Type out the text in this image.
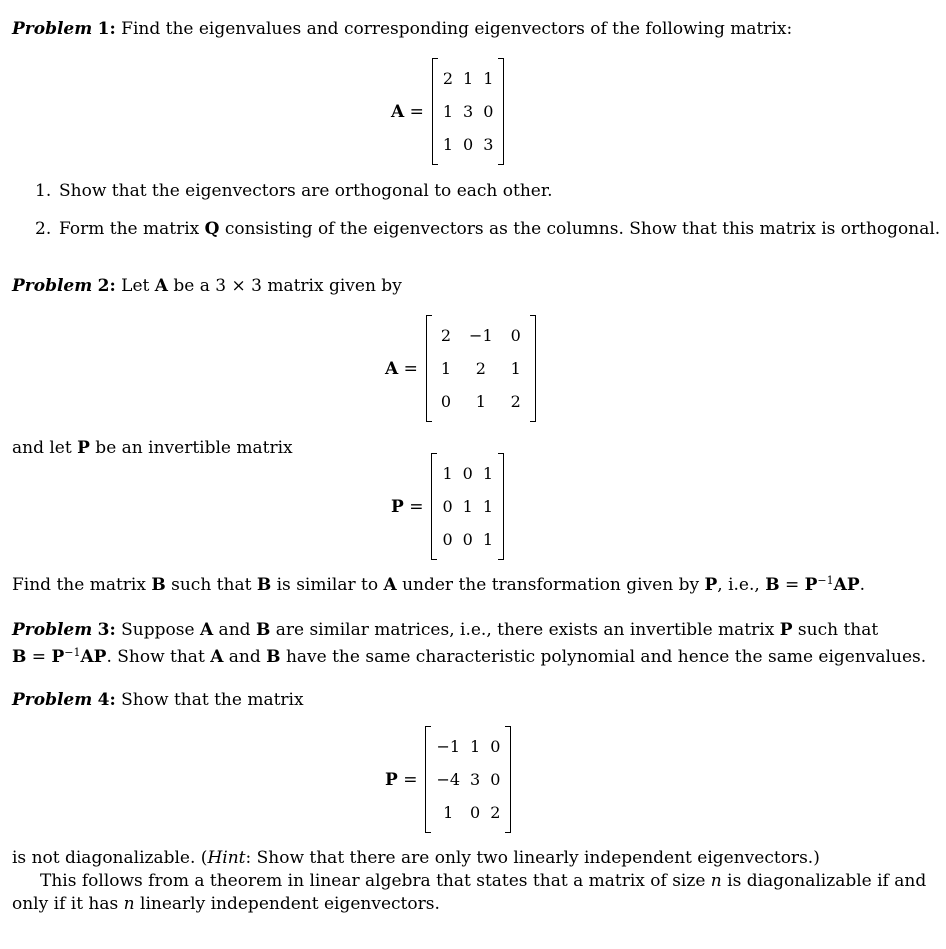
Problem 1: Find the eigenvalues and corresponding eigenvectors of the following matrix:
A =
2	1	1
1	3	0
1	0	3
1. Show that the eigenvectors are orthogonal to each other.
2. Form the matrix Q consisting of the eigenvectors as the columns. Show that this matrix is orthogonal.
Problem 2: Let A be a 3 × 3 matrix given by
A =
2	−1	0
1	2	1
0	1	2
and let P be an invertible matrix
P =
1	0	1
0	1	1
0	0	1
Find the matrix B such that B is similar to A under the transformation given by P, i.e., $B = P^{-1}AP$.
Problem 3: Suppose A and B are similar matrices, i.e., there exists an invertible matrix P such that
$B = P^{-1}AP$. Show that A and B have the same characteristic polynomial and hence the same eigenvalues.
Problem 4: Show that the matrix
P =
−1	1	0
−4	3	0
1	0	2
is not diagonalizable. (Hint: Show that there are only two linearly independent eigenvectors.)
This follows from a theorem in linear algebra that states that a matrix of size n is diagonalizable if and
only if it has n linearly independent eigenvectors.
